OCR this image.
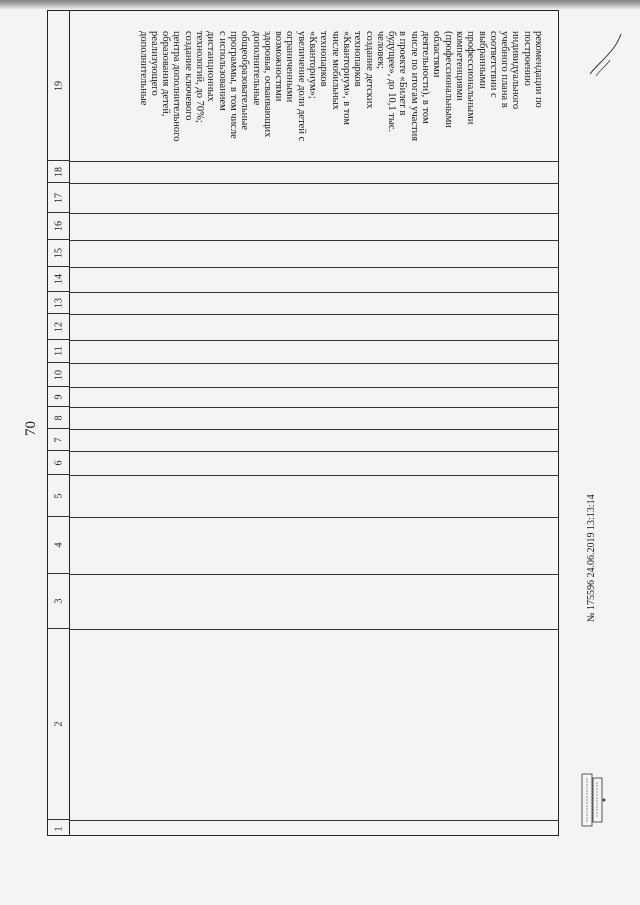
70
19
18
17
16
15
14
13
12
11
10
9
8
7
6
5
4
3
2
1
рекомендации по
построению
индивидуального
учебного плана в
соответствии с
выбранными
профессиональными
компетенциями
(профессиональными
областями
деятельности), в том
числе по итогам участия
в проекте «Билет в
будущее», до 10,1 тыс.
человек;
создание детских
технопарков
«Кванториум», в том
числе мобильных
технопарков
«Кванториум»;
увеличение доли детей с
ограниченными
возможностями
здоровья, осваивающих
дополнительные
общеобразовательные
программы, в том числе
с использованием
дистанционных
технологий, до 70%;
создание ключевого
центра дополнительного
образования детей,
реализующего
дополнительные
№ 175596 24.06.2019 13:13:14
